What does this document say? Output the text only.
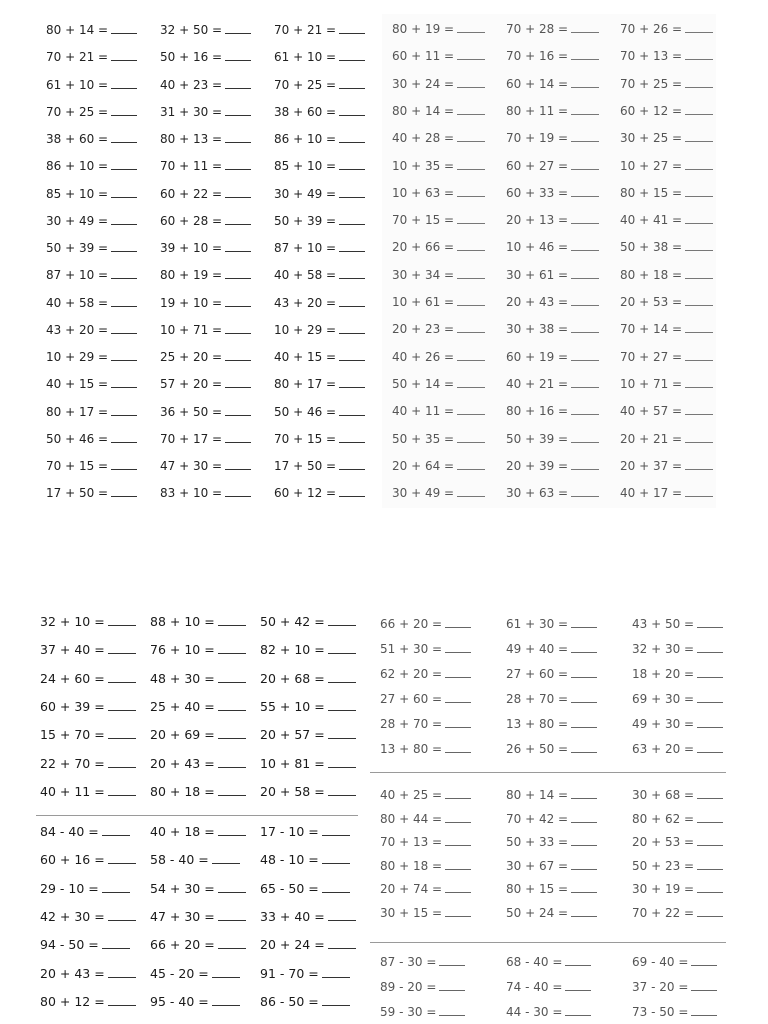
80 + 14 =
70 + 21 =
61 + 10 =
70 + 25 =
38 + 60 =
86 + 10 =
85 + 10 =
30 + 49 =
50 + 39 =
87 + 10 =
40 + 58 =
43 + 20 =
10 + 29 =
40 + 15 =
80 + 17 =
50 + 46 =
70 + 15 =
17 + 50 =
32 + 50 =
50 + 16 =
40 + 23 =
31 + 30 =
80 + 13 =
70 + 11 =
60 + 22 =
60 + 28 =
39 + 10 =
80 + 19 =
19 + 10 =
10 + 71 =
25 + 20 =
57 + 20 =
36 + 50 =
70 + 17 =
47 + 30 =
83 + 10 =
70 + 21 =
61 + 10 =
70 + 25 =
38 + 60 =
86 + 10 =
85 + 10 =
30 + 49 =
50 + 39 =
87 + 10 =
40 + 58 =
43 + 20 =
10 + 29 =
40 + 15 =
80 + 17 =
50 + 46 =
70 + 15 =
17 + 50 =
60 + 12 =
80 + 19 =
60 + 11 =
30 + 24 =
80 + 14 =
40 + 28 =
10 + 35 =
10 + 63 =
70 + 15 =
20 + 66 =
30 + 34 =
10 + 61 =
20 + 23 =
40 + 26 =
50 + 14 =
40 + 11 =
50 + 35 =
20 + 64 =
30 + 49 =
70 + 28 =
70 + 16 =
60 + 14 =
80 + 11 =
70 + 19 =
60 + 27 =
60 + 33 =
20 + 13 =
10 + 46 =
30 + 61 =
20 + 43 =
30 + 38 =
60 + 19 =
40 + 21 =
80 + 16 =
50 + 39 =
20 + 39 =
30 + 63 =
70 + 26 =
70 + 13 =
70 + 25 =
60 + 12 =
30 + 25 =
10 + 27 =
80 + 15 =
40 + 41 =
50 + 38 =
80 + 18 =
20 + 53 =
70 + 14 =
70 + 27 =
10 + 71 =
40 + 57 =
20 + 21 =
20 + 37 =
40 + 17 =
32 + 10 =
37 + 40 =
24 + 60 =
60 + 39 =
15 + 70 =
22 + 70 =
40 + 11 =
84 - 40 =
60 + 16 =
29 - 10 =
42 + 30 =
94 - 50 =
20 + 43 =
80 + 12 =
88 + 10 =
76 + 10 =
48 + 30 =
25 + 40 =
20 + 69 =
20 + 43 =
80 + 18 =
40 + 18 =
58 - 40 =
54 + 30 =
47 + 30 =
66 + 20 =
45 - 20 =
95 - 40 =
50 + 42 =
82 + 10 =
20 + 68 =
55 + 10 =
20 + 57 =
10 + 81 =
20 + 58 =
17 - 10 =
48 - 10 =
65 - 50 =
33 + 40 =
20 + 24 =
91 - 70 =
86 - 50 =
66 + 20 =
51 + 30 =
62 + 20 =
27 + 60 =
28 + 70 =
13 + 80 =
40 + 25 =
80 + 44 =
70 + 13 =
80 + 18 =
20 + 74 =
30 + 15 =
87 - 30 =
89 - 20 =
59 - 30 =
61 + 30 =
49 + 40 =
27 + 60 =
28 + 70 =
13 + 80 =
26 + 50 =
80 + 14 =
70 + 42 =
50 + 33 =
30 + 67 =
80 + 15 =
50 + 24 =
68 - 40 =
74 - 40 =
44 - 30 =
43 + 50 =
32 + 30 =
18 + 20 =
69 + 30 =
49 + 30 =
63 + 20 =
30 + 68 =
80 + 62 =
20 + 53 =
50 + 23 =
30 + 19 =
70 + 22 =
69 - 40 =
37 - 20 =
73 - 50 =
